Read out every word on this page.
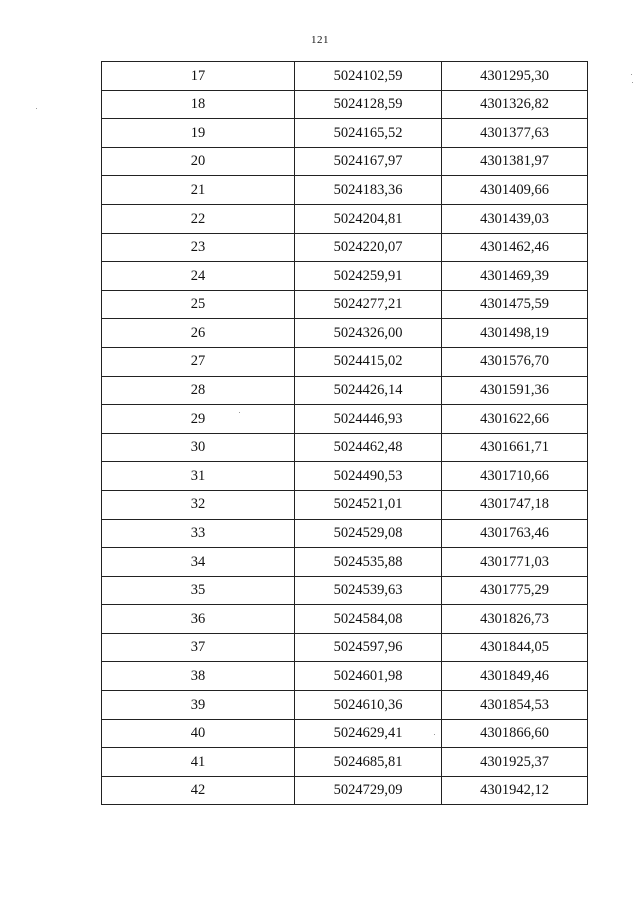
121
17	5024102,59	4301295,30
18	5024128,59	4301326,82
19	5024165,52	4301377,63
20	5024167,97	4301381,97
21	5024183,36	4301409,66
22	5024204,81	4301439,03
23	5024220,07	4301462,46
24	5024259,91	4301469,39
25	5024277,21	4301475,59
26	5024326,00	4301498,19
27	5024415,02	4301576,70
28	5024426,14	4301591,36
29	5024446,93	4301622,66
30	5024462,48	4301661,71
31	5024490,53	4301710,66
32	5024521,01	4301747,18
33	5024529,08	4301763,46
34	5024535,88	4301771,03
35	5024539,63	4301775,29
36	5024584,08	4301826,73
37	5024597,96	4301844,05
38	5024601,98	4301849,46
39	5024610,36	4301854,53
40	5024629,41	4301866,60
41	5024685,81	4301925,37
42	5024729,09	4301942,12
